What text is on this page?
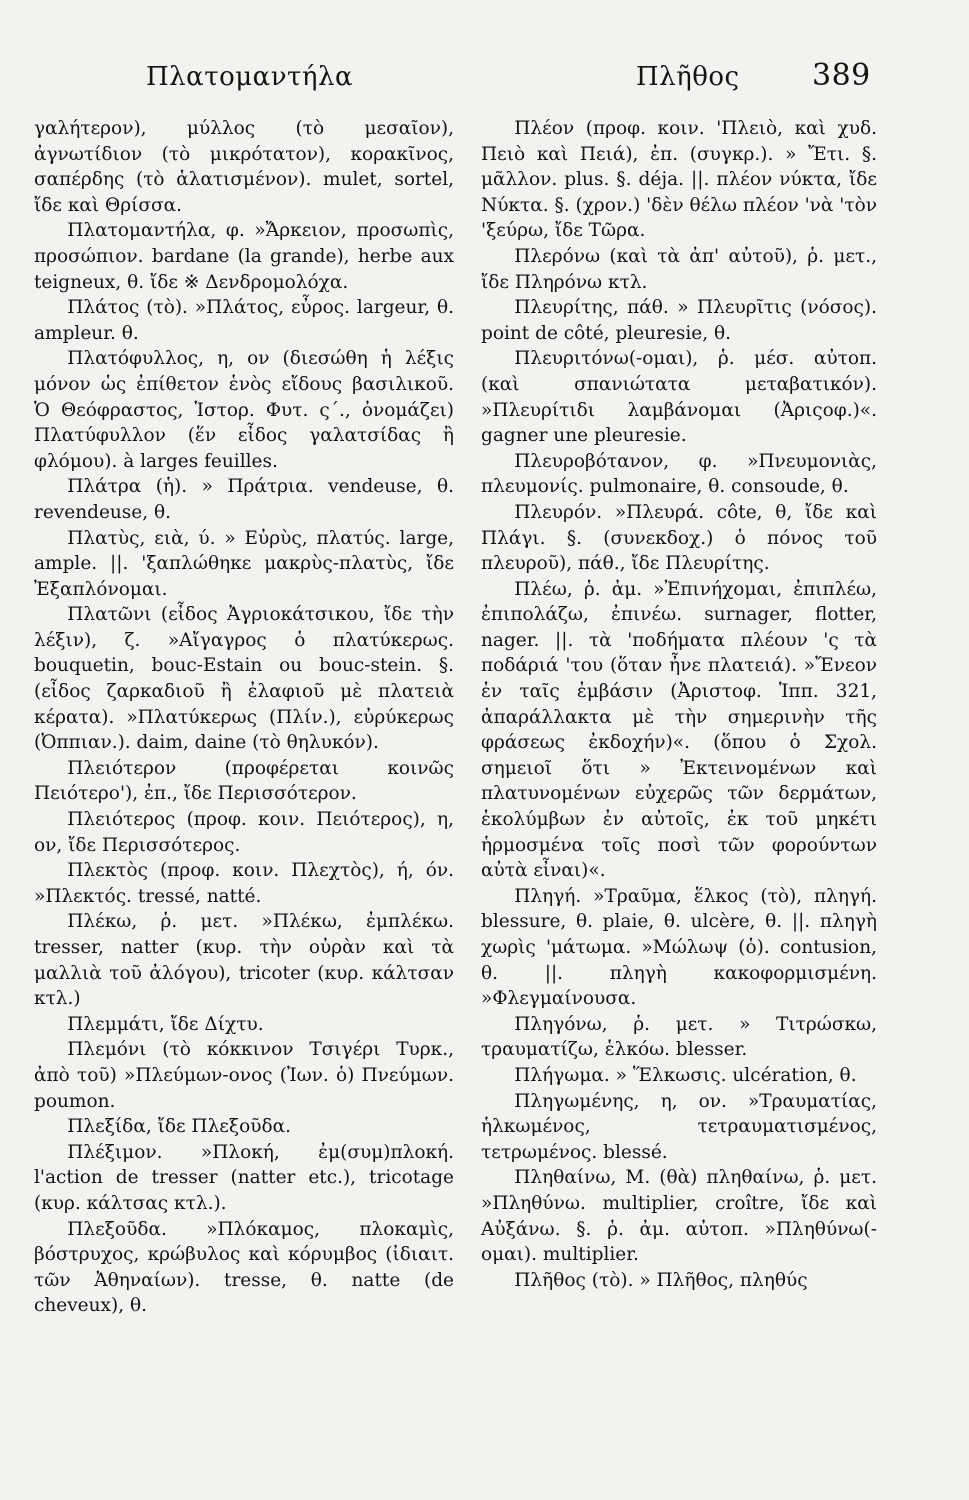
Πλατομαντήλα	Πλῆθος 389

γαλήτερον), μύλλος (τὸ μεσαῖον), ἀγνωτίδιον (τὸ μικρότατον), κορακῖνος, σαπέρδης (τὸ ἁλατισμένον). mulet, sortel, ἴδε καὶ Θρίσσα.

Πλατομαντήλα, φ. »Ἄρκειον, προσωπὶς, προσώπιον. bardane (la grande), herbe aux teigneux, θ. ἴδε ※ Δενδρομολόχα.

Πλάτος (τὸ). »Πλάτος, εὖρος. largeur, θ. ampleur. θ.

Πλατόφυλλος, η, ον (διεσώθη ἡ λέξις μόνον ὡς ἐπίθετον ἑνὸς εἴδους βασιλικοῦ. Ὁ Θεόφραστος, Ἱστορ. Φυτ. ς΄., ὀνομάζει) Πλατύφυλλον (ἕν εἶδος γαλατσίδας ἢ φλόμου). à larges feuilles.

Πλάτρα (ἡ). » Πράτρια. vendeuse, θ. revendeuse, θ.

Πλατὺς, ειὰ, ύ. » Εὐρὺς, πλατύς. large, ample. ||. 'ξαπλώθηκε μακρὺς-πλατὺς, ἴδε Ἐξαπλόνομαι.

Πλατῶνι (εἶδος Ἀγριοκάτσικου, ἴδε τὴν λέξιν), ζ. »Αἴγαγρος ὁ πλατύκερως. bouquetin, bouc-Estain ou bouc-stein. §. (εἶδος ζαρκαδιοῦ ἢ ἐλαφιοῦ μὲ πλατειὰ κέρατα). »Πλατύκερως (Πλίν.), εὐρύκερως (Ὀππιαν.). daim, daine (τὸ θηλυκόν).

Πλειότερον (προφέρεται κοινῶς Πειότερο'), ἐπ., ἴδε Περισσότερον.

Πλειότερος (προφ. κοιν. Πειότερος), η, ον, ἴδε Περισσότερος.

Πλεκτὸς (προφ. κοιν. Πλεχτὸς), ή, όν. »Πλεκτός. tressé, natté.

Πλέκω, ῥ. μετ. »Πλέκω, ἐμπλέκω. tresser, natter (κυρ. τὴν οὐρὰν καὶ τὰ μαλλιὰ τοῦ ἀλόγου), tricoter (κυρ. κάλτσαν κτλ.)

Πλεμμάτι, ἴδε Δίχτυ.

Πλεμόνι (τὸ κόκκινον Τσιγέρι Τυρκ., ἀπὸ τοῦ) »Πλεύμων-ονος (Ἰων. ὁ) Πνεύμων. poumon.

Πλεξίδα, ἴδε Πλεξοῦδα.

Πλέξιμον. »Πλοκή, ἐμ(συμ)πλοκή. l'action de tresser (natter etc.), tricotage (κυρ. κάλτσας κτλ.).

Πλεξοῦδα. »Πλόκαμος, πλοκαμὶς, βόστρυχος, κρώβυλος καὶ κόρυμβος (ἰδιαιτ. τῶν Ἀθηναίων). tresse, θ. natte (de cheveux), θ.

Πλέον (προφ. κοιν. 'Πλειὸ, καὶ χυδ. Πειὸ καὶ Πειά), ἐπ. (συγκρ.). » Ἔτι. §. μᾶλλον. plus. §. déja. ||. πλέον νύκτα, ἴδε Νύκτα. §. (χρον.) 'δὲν θέλω πλέον 'νὰ 'τὸν 'ξεύρω, ἴδε Τῶρα.

Πλερόνω (καὶ τὰ ἀπ' αὐτοῦ), ῥ. μετ., ἴδε Πληρόνω κτλ.

Πλευρίτης, πάθ. » Πλευρῖτις (νόσος). point de côté, pleuresie, θ.

Πλευριτόνω(-ομαι), ῥ. μέσ. αὐτοπ. (καὶ σπανιώτατα μεταβατικόν). »Πλευρίτιδι λαμβάνομαι (Ἀριςοφ.)«. gagner une pleuresie.

Πλευροβότανον, φ. »Πνευμονιὰς, πλευμονίς. pulmonaire, θ. consoude, θ.

Πλευρόν. »Πλευρά. côte, θ, ἴδε καὶ Πλάγι. §. (συνεκδοχ.) ὁ πόνος τοῦ πλευροῦ), πάθ., ἴδε Πλευρίτης.

Πλέω, ῥ. ἀμ. »Ἐπινήχομαι, ἐπιπλέω, ἐπιπολάζω, ἐπινέω. surnager, flotter, nager. ||. τὰ 'ποδήματα πλέουν 'ς τὰ ποδάριά 'του (ὅταν ἦνε πλατειά). »Ἔνεον ἐν ταῖς ἐμβάσιν (Ἀριστοφ. Ἱππ. 321, ἀπαράλλακτα μὲ τὴν σημερινὴν τῆς φράσεως ἐκδοχήν)«. (ὅπου ὁ Σχολ. σημειοῖ ὅτι » Ἐκτεινομένων καὶ πλατυνομένων εὐχερῶς τῶν δερμάτων, ἐκολύμβων ἐν αὐτοῖς, ἐκ τοῦ μηκέτι ἡρμοσμένα τοῖς ποσὶ τῶν φορούντων αὐτὰ εἶναι)«.

Πληγή. »Τραῦμα, ἕλκος (τὸ), πληγή. blessure, θ. plaie, θ. ulcère, θ. ||. πληγὴ χωρὶς 'μάτωμα. »Μώλωψ (ὁ). contusion, θ. ||. πληγὴ κακοφορμισμένη. »Φλεγμαίνουσα.

Πληγόνω, ῥ. μετ. » Τιτρώσκω, τραυματίζω, ἑλκόω. blesser.

Πλήγωμα. » Ἕλκωσις. ulcération, θ.

Πληγωμένης, η, ον. »Τραυματίας, ἡλκωμένος, τετραυματισμένος, τετρωμένος. blessé.

Πληθαίνω, Μ. (θὰ) πληθαίνω, ῥ. μετ. »Πληθύνω. multiplier, croître, ἴδε καὶ Αὐξάνω. §. ῥ. ἀμ. αὐτοπ. »Πληθύνω(-ομαι). multiplier.

Πλῆθος (τὸ). » Πλῆθος, πληθύς
